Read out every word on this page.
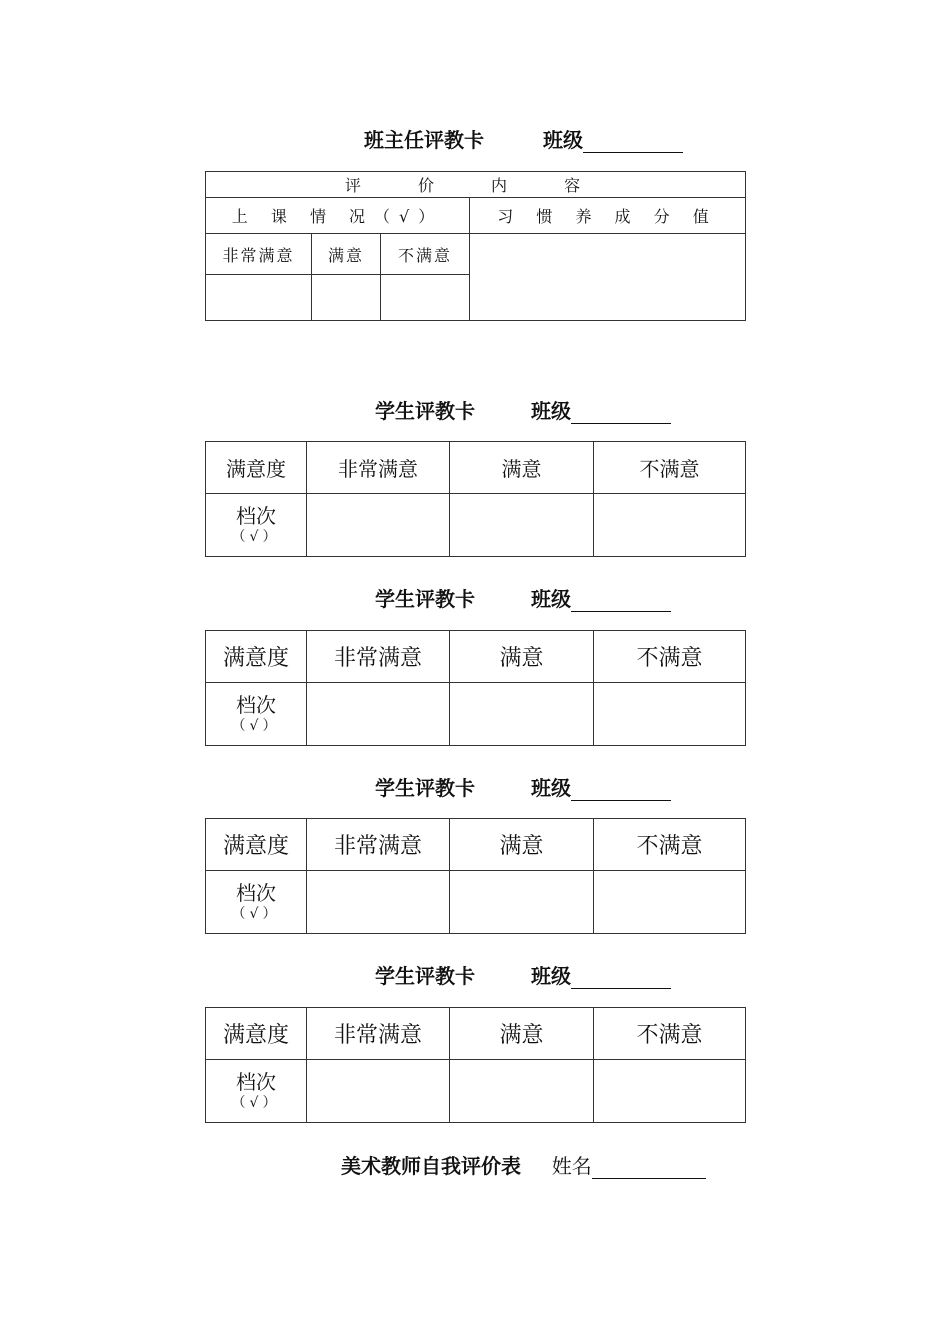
班主任评教卡	班级
评 价 内 容			
上 课 情 况（√）			习 惯 养 成 分 值
非常满意	满意	不满意	

学生评教卡	班级
满意度	非常满意	满意	不满意
档次
（√）			

学生评教卡	班级
满意度	非常满意	满意	不满意
档次
（√）			

学生评教卡	班级
满意度	非常满意	满意	不满意
档次
（√）			

学生评教卡	班级
满意度	非常满意	满意	不满意
档次
（√）			

美术教师自我评价表 姓名
